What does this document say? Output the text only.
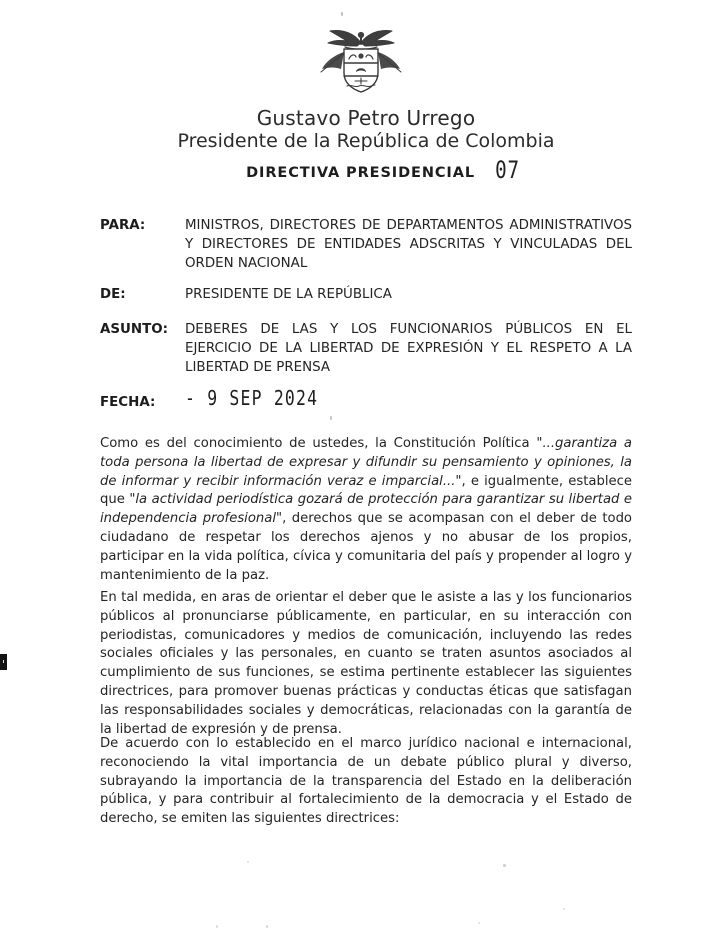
Gustavo Petro Urrego
Presidente de la República de Colombia
DIRECTIVA PRESIDENCIAL 07
PARA:	MINISTROS, DIRECTORES DE DEPARTAMENTOS ADMINISTRATIVOS Y DIRECTORES DE ENTIDADES ADSCRITAS Y VINCULADAS DEL ORDEN NACIONAL
DE:	PRESIDENTE DE LA REPÚBLICA
ASUNTO:	DEBERES DE LAS Y LOS FUNCIONARIOS PÚBLICOS EN EL EJERCICIO DE LA LIBERTAD DE EXPRESIÓN Y EL RESPETO A LA LIBERTAD DE PRENSA
FECHA:	- 9 SEP 2024
Como es del conocimiento de ustedes, la Constitución Política "...garantiza a toda persona la libertad de expresar y difundir su pensamiento y opiniones, la de informar y recibir información veraz e imparcial...", e igualmente, establece que "la actividad periodística gozará de protección para garantizar su libertad e independencia profesional", derechos que se acompasan con el deber de todo ciudadano de respetar los derechos ajenos y no abusar de los propios, participar en la vida política, cívica y comunitaria del país y propender al logro y mantenimiento de la paz.
En tal medida, en aras de orientar el deber que le asiste a las y los funcionarios públicos al pronunciarse públicamente, en particular, en su interacción con periodistas, comunicadores y medios de comunicación, incluyendo las redes sociales oficiales y las personales, en cuanto se traten asuntos asociados al cumplimiento de sus funciones, se estima pertinente establecer las siguientes directrices, para promover buenas prácticas y conductas éticas que satisfagan las responsabilidades sociales y democráticas, relacionadas con la garantía de la libertad de expresión y de prensa.
De acuerdo con lo establecido en el marco jurídico nacional e internacional, reconociendo la vital importancia de un debate público plural y diverso, subrayando la importancia de la transparencia del Estado en la deliberación pública, y para contribuir al fortalecimiento de la democracia y el Estado de derecho, se emiten las siguientes directrices:
